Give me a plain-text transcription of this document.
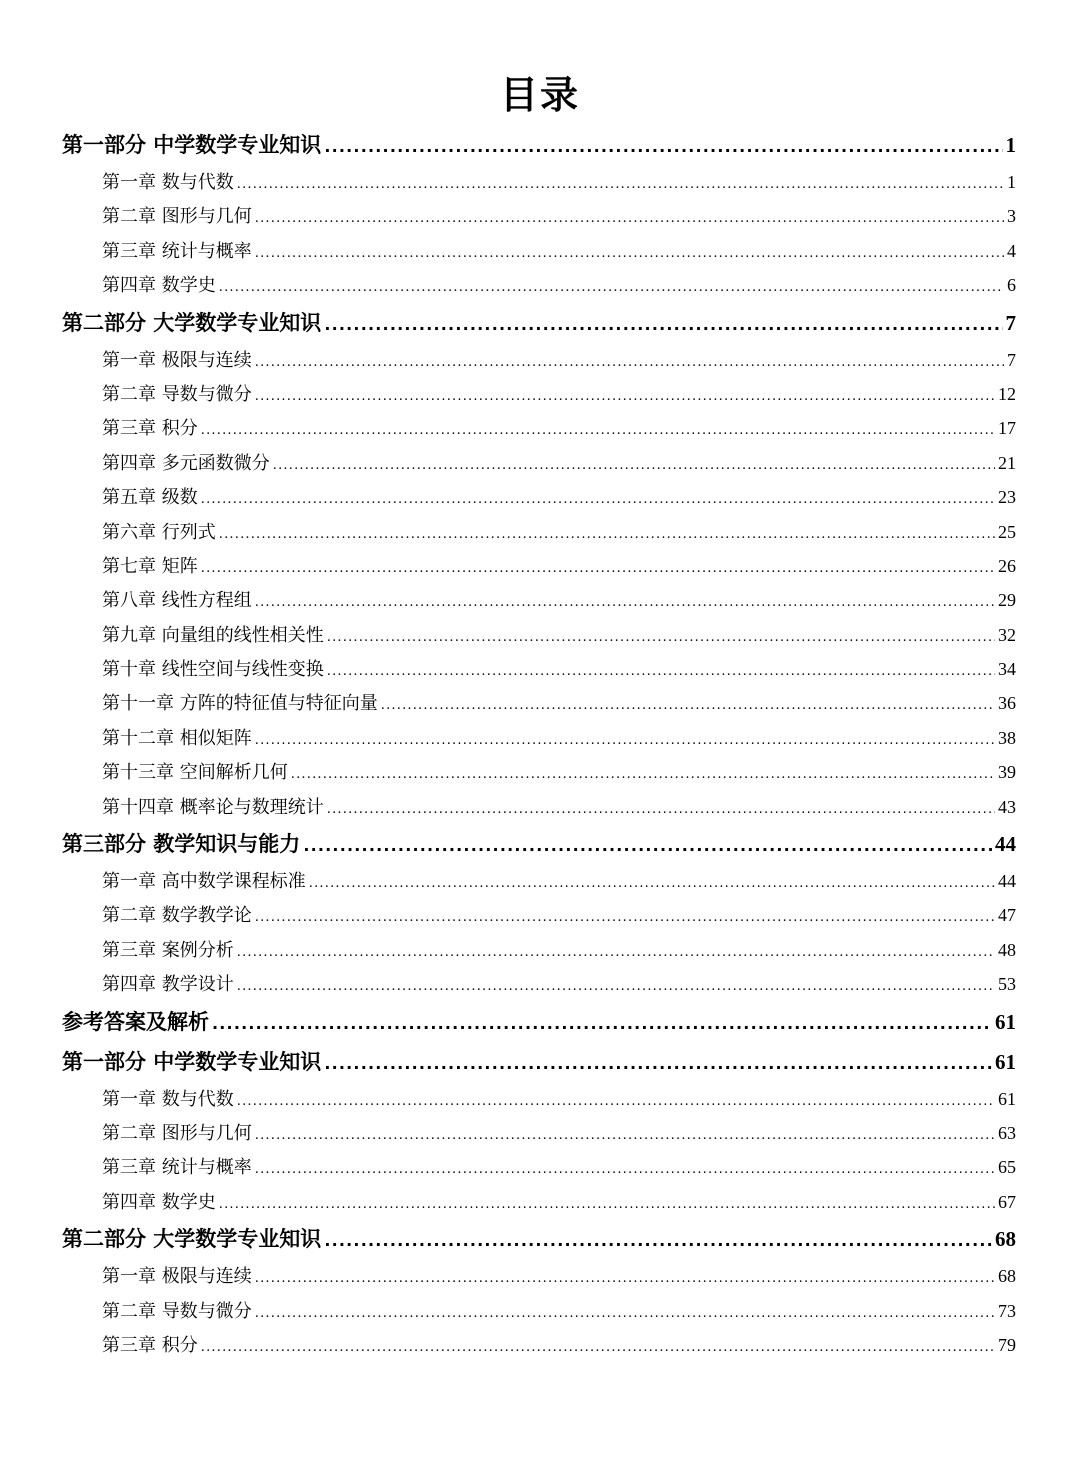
目录
第一部分 中学数学专业知识 .....	1
第一章 数与代数 .....	1
第二章 图形与几何 .....	3
第三章 统计与概率 .....	4
第四章 数学史 .....	6
第二部分 大学数学专业知识 .....	7
第一章 极限与连续 .....	7
第二章 导数与微分 .....	12
第三章 积分 .....	17
第四章 多元函数微分 .....	21
第五章 级数 .....	23
第六章 行列式 .....	25
第七章 矩阵 .....	26
第八章 线性方程组 .....	29
第九章 向量组的线性相关性 .....	32
第十章 线性空间与线性变换 .....	34
第十一章 方阵的特征值与特征向量 .....	36
第十二章 相似矩阵 .....	38
第十三章 空间解析几何 .....	39
第十四章 概率论与数理统计 .....	43
第三部分 教学知识与能力 .....	44
第一章 高中数学课程标准 .....	44
第二章 数学教学论 .....	47
第三章 案例分析 .....	48
第四章 教学设计 .....	53
参考答案及解析 .....	61
第一部分 中学数学专业知识 .....	61
第一章 数与代数 .....	61
第二章 图形与几何 .....	63
第三章 统计与概率 .....	65
第四章 数学史 .....	67
第二部分 大学数学专业知识 .....	68
第一章 极限与连续 .....	68
第二章 导数与微分 .....	73
第三章 积分 .....	79
